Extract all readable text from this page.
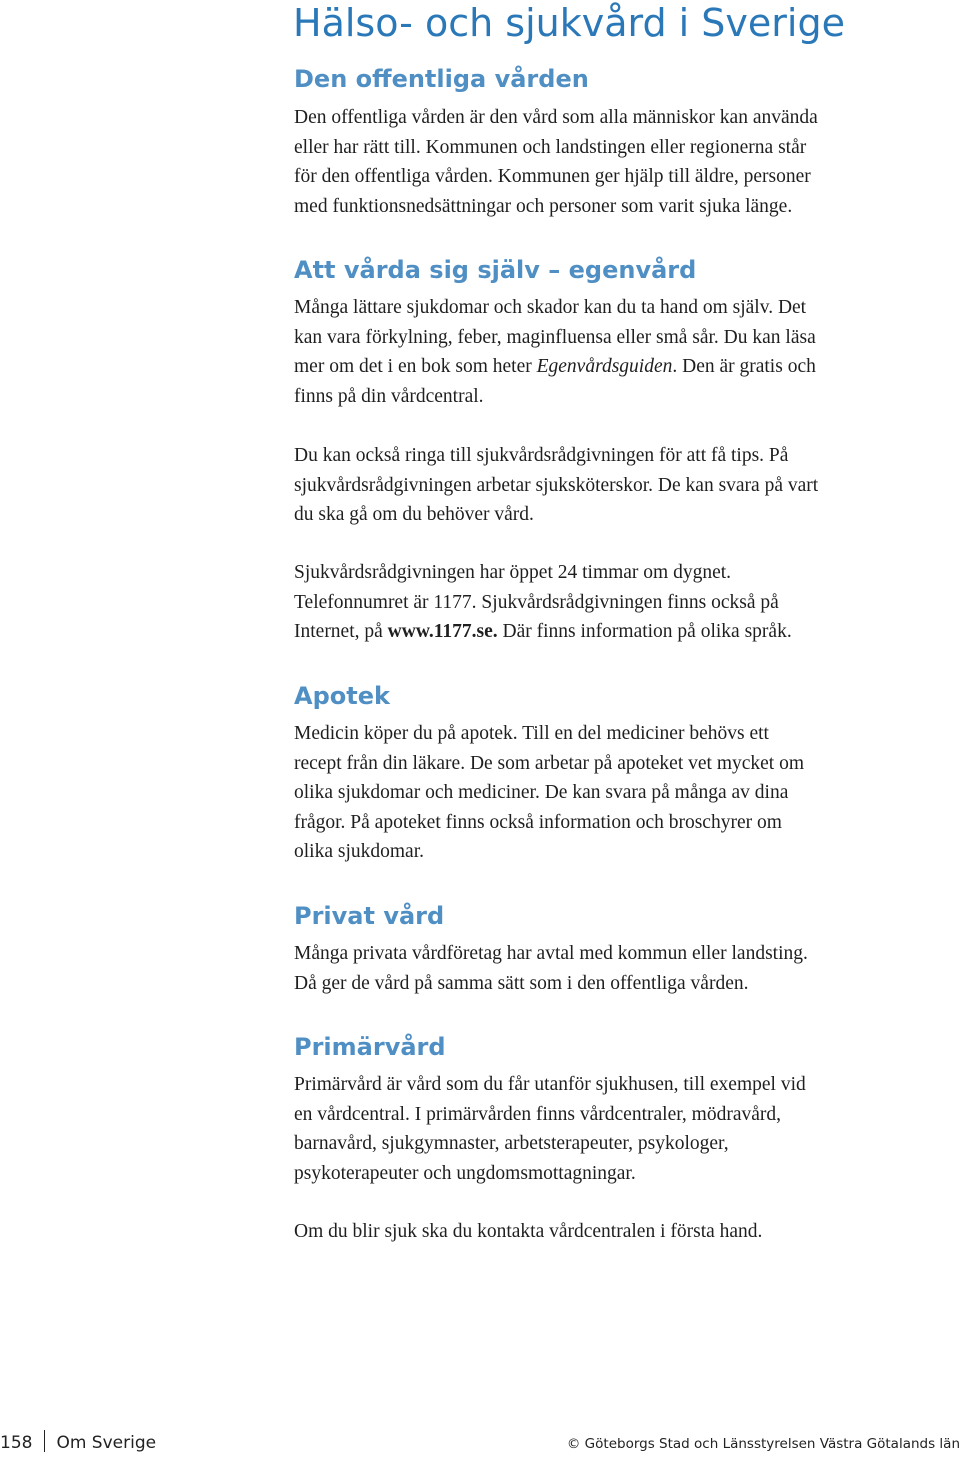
Hälso- och sjukvård i Sverige
Den offentliga vården
Den offentliga vården är den vård som alla människor kan använda
eller har rätt till. Kommunen och landstingen eller regionerna står
för den offentliga vården. Kommunen ger hjälp till äldre, personer
med funktionsnedsättningar och personer som varit sjuka länge.
Att vårda sig själv – egenvård
Många lättare sjukdomar och skador kan du ta hand om själv. Det
kan vara förkylning, feber, maginfluensa eller små sår. Du kan läsa
mer om det i en bok som heter Egenvårdsguiden. Den är gratis och
finns på din vårdcentral.
Du kan också ringa till sjukvårdsrådgivningen för att få tips. På
sjukvårdsrådgivningen arbetar sjuksköterskor. De kan svara på vart
du ska gå om du behöver vård.
Sjukvårdsrådgivningen har öppet 24 timmar om dygnet.
Telefonnumret är 1177. Sjukvårdsrådgivningen finns också på
Internet, på www.1177.se. Där finns information på olika språk.
Apotek
Medicin köper du på apotek. Till en del mediciner behövs ett
recept från din läkare. De som arbetar på apoteket vet mycket om
olika sjukdomar och mediciner. De kan svara på många av dina
frågor. På apoteket finns också information och broschyrer om
olika sjukdomar.
Privat vård
Många privata vårdföretag har avtal med kommun eller landsting.
Då ger de vård på samma sätt som i den offentliga vården.
Primärvård
Primärvård är vård som du får utanför sjukhusen, till exempel vid
en vårdcentral. I primärvården finns vårdcentraler, mödravård,
barnavård, sjukgymnaster, arbetsterapeuter, psykologer,
psykoterapeuter och ungdomsmottagningar.
Om du blir sjuk ska du kontakta vårdcentralen i första hand.
158 Om Sverige	© Göteborgs Stad och Länsstyrelsen Västra Götalands län
